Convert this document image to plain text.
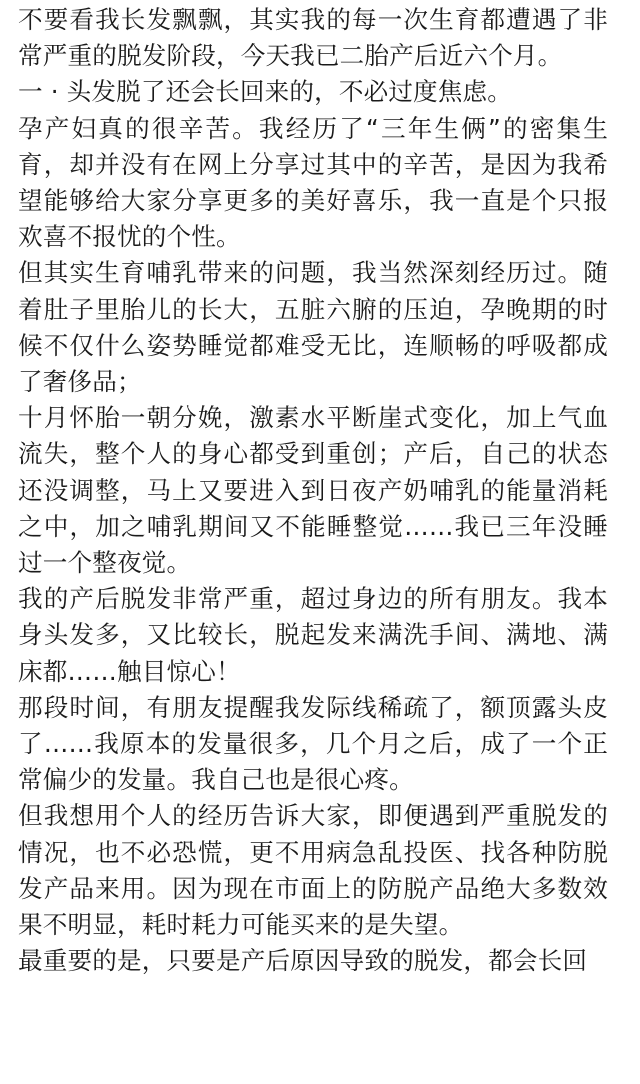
不要看我长发飘飘，其实我的每一次生育都遭遇了非常严重的脱发阶段，今天我已二胎产后近六个月。

一 · 头发脱了还会长回来的，不必过度焦虑。

孕产妇真的很辛苦。我经历了“三年生俩”的密集生育，却并没有在网上分享过其中的辛苦，是因为我希望能够给大家分享更多的美好喜乐，我一直是个只报欢喜不报忧的个性。

但其实生育哺乳带来的问题，我当然深刻经历过。随着肚子里胎儿的长大，五脏六腑的压迫，孕晚期的时候不仅什么姿势睡觉都难受无比，连顺畅的呼吸都成了奢侈品；

十月怀胎一朝分娩，激素水平断崖式变化，加上气血流失，整个人的身心都受到重创；产后，自己的状态还没调整，马上又要进入到日夜产奶哺乳的能量消耗之中，加之哺乳期间又不能睡整觉……我已三年没睡过一个整夜觉。

我的产后脱发非常严重，超过身边的所有朋友。我本身头发多，又比较长，脱起发来满洗手间、满地、满床都……触目惊心！

那段时间，有朋友提醒我发际线稀疏了，额顶露头皮了……我原本的发量很多，几个月之后，成了一个正常偏少的发量。我自己也是很心疼。

但我想用个人的经历告诉大家，即便遇到严重脱发的情况，也不必恐慌，更不用病急乱投医、找各种防脱发产品来用。因为现在市面上的防脱产品绝大多数效果不明显，耗时耗力可能买来的是失望。

最重要的是，只要是产后原因导致的脱发，都会长回
